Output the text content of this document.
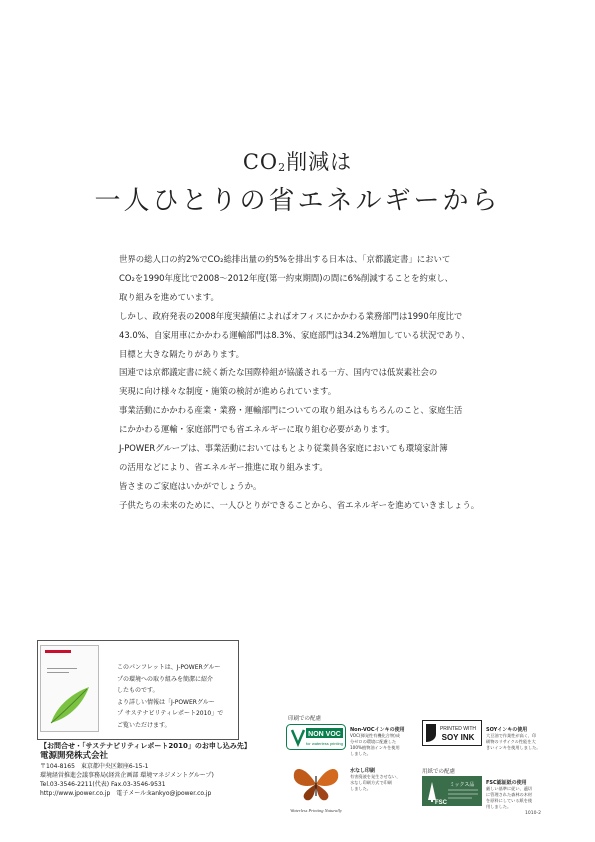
CO2削減は
一人ひとりの省エネルギーから

世界の総人口の約2%でCO₂総排出量の約5%を排出する日本は、「京都議定書」において

CO₂を1990年度比で2008〜2012年度(第一約束期間)の間に6%削減することを約束し、

取り組みを進めています。

しかし、政府発表の2008年度実績値によればオフィスにかかわる業務部門は1990年度比で

43.0%、自家用車にかかわる運輸部門は8.3%、家庭部門は34.2%増加している状況であり、

目標と大きな隔たりがあります。

国連では京都議定書に続く新たな国際枠組が協議される一方、国内では低炭素社会の

実現に向け様々な制度・施策の検討が進められています。

事業活動にかかわる産業・業務・運輸部門についての取り組みはもちろんのこと、家庭生活

にかかわる運輸・家庭部門でも省エネルギーに取り組む必要があります。

J-POWERグループは、事業活動においてはもとより従業員各家庭においても環境家計簿

の活用などにより、省エネルギー推進に取り組みます。

皆さまのご家庭はいかがでしょうか。

子供たちの未来のために、一人ひとりができることから、省エネルギーを進めていきましょう。

このパンフレットは、J-POWERグルー

プの環境への取り組みを簡潔に紹介

したものです。

より詳しい情報は「J-POWERグルー

プ サステナビリティレポート2010」で

ご覧いただけます。

【お問合せ・「サステナビリティレポート2010」のお申し込み先】

電源開発株式会社

〒104-8165　東京都中央区銀座6-15-1

環境経営推進会議事務局(経営企画部 環境マネジメントグループ)

Tel.03-3546-2211(代表) Fax.03-3546-9531

http://www.jpower.co.jp　電子メール:kankyo@jpower.co.jp

印刷での配慮
用紙での配慮
NON VOC
for waterless printing
Non-VOCインキの使用

VOC(揮発性有機化合物)成

分ゼロの環境に配慮した

100%植物油インキを使用

しました。

PRINTED WITH
SOY INK
SOYインキの使用

大豆油で作業性が高く、印

刷物のリサイクル性能を大

きいインキを使用しました。

Waterless Printing Naturally
水なし印刷

有害廃液を発生させない、

水なし印刷方式で印刷

しました。

FSC
ミックス品 FSC認証紙の使用

厳しい基準に従い、適切

に管理された森林の木材

を原料にしている紙を使

用しました。

1010-2
